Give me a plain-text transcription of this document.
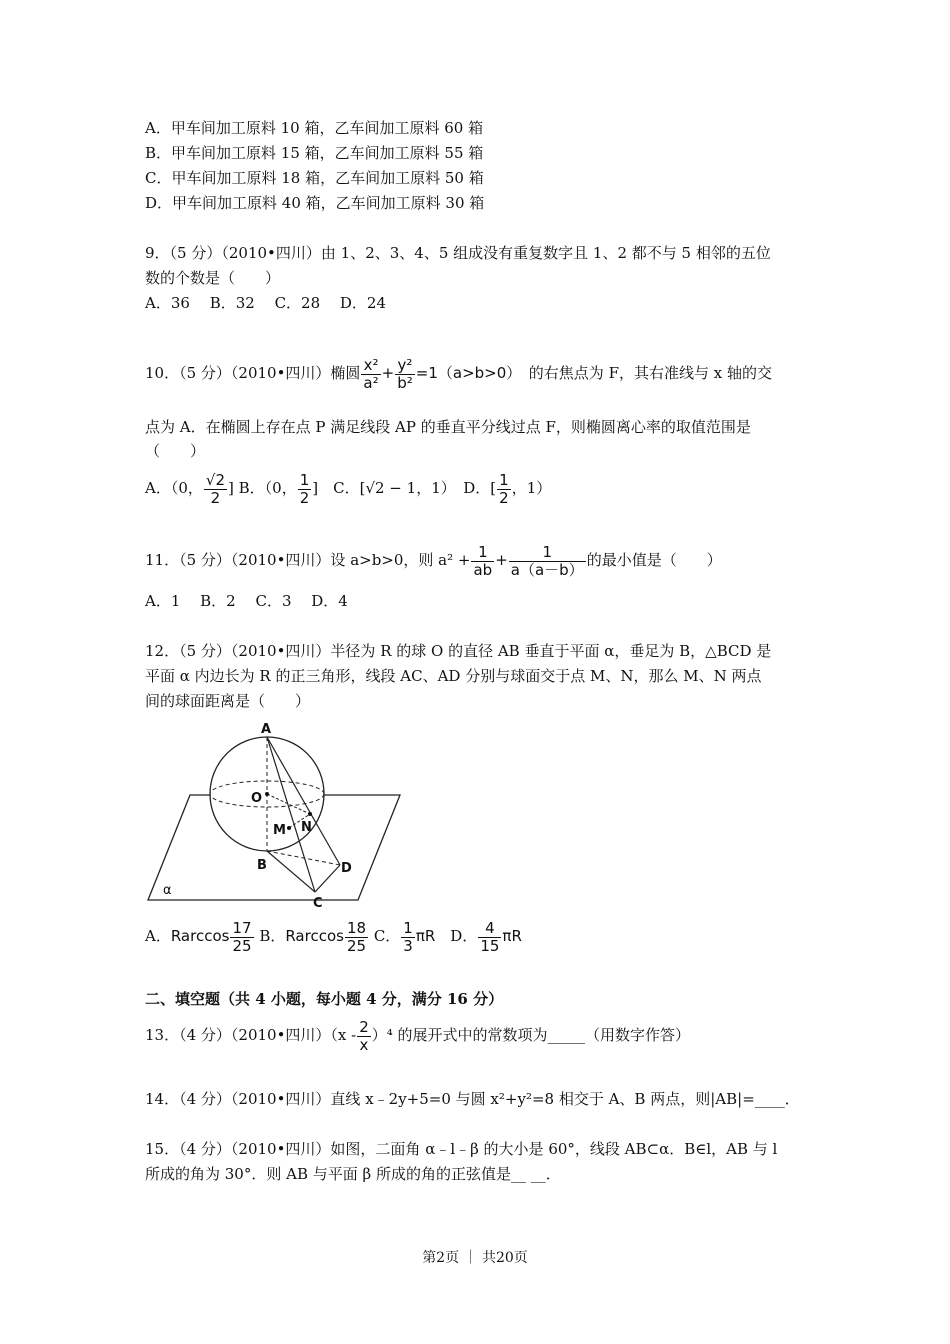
A．甲车间加工原料 10 箱，乙车间加工原料 60 箱
B．甲车间加工原料 15 箱，乙车间加工原料 55 箱
C．甲车间加工原料 18 箱，乙车间加工原料 50 箱
D．甲车间加工原料 40 箱，乙车间加工原料 30 箱
9．（5 分）（2010•四川）由 1、2、3、4、5 组成没有重复数字且 1、2 都不与 5 相邻的五位
数的个数是（　　）
A．36　 B．32　 C．28　 D．24
10．（5 分）（2010•四川）椭圆 $\frac{\text{x²}}{\text{a²}} + \frac{\text{y²}}{\text{b²}} =1(a>b>0)$　 的右焦点为 F，其右准线与 x 轴的交
点为 A．在椭圆上存在点 P 满足线段 AP 的垂直平分线过点 F，则椭圆离心率的取值范围是
（　　）
A．（0， $\frac{√2}{2}$ ] B．（0， $\frac{1}{2}$ ]　C．[√2 − 1，1）　 D．[ $\frac{1}{2}$ ，1）
11．（5 分）（2010•四川）设 a>b>0，则 $a^2 + \frac{1}{ab} + \frac{1}{a(a-b)}$ 的最小值是（　　）
A．1　 B．2　 C．3　 D．4
12．（5 分）（2010•四川）半径为 R 的球 O 的直径 AB 垂直于平面 α，垂足为 B，△BCD 是
平面 α 内边长为 R 的正三角形，线段 AC、AD 分别与球面交于点 M、N，那么 M、N 两点
间的球面距离是（　　）
A
O
N
M
B	D
C
α
A．Rarccos $\frac{17}{25}$ B．Rarccos $\frac{18}{25}$ C． $\frac{1}{3}$ πR　D． $\frac{4}{15}$ πR
二、填空题（共 4 小题，每小题 4 分，满分 16 分）
13．（4 分）（2010•四川）$(x - \frac{2}{x} )^4$ 的展开式中的常数项为_____（用数字作答）
14．（4 分）（2010•四川）直线 x﹣2y+5=0 与圆 x²+y²=8 相交于 A、B 两点，则|AB|=____．
15．（4 分）（2010•四川）如图，二面角 α﹣l﹣β 的大小是 60°，线段 AB⊂α．B∈l，AB 与 l
所成的角为 30°．则 AB 与平面 β 所成的角的正弦值是__ __．
第2页 ｜ 共20页
